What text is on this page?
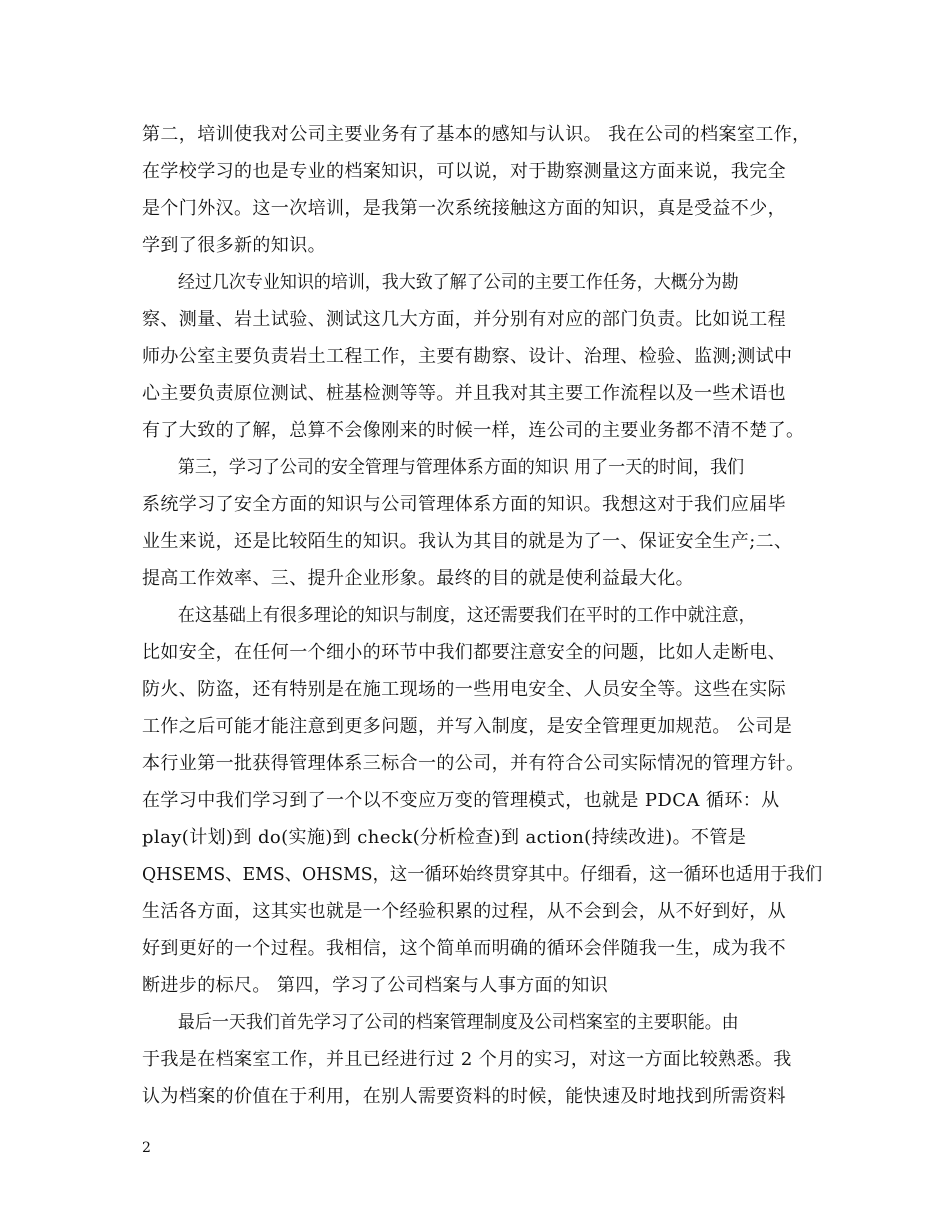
第二，培训使我对公司主要业务有了基本的感知与认识。 我在公司的档案室工作，
在学校学习的也是专业的档案知识，可以说，对于勘察测量这方面来说，我完全
是个门外汉。这一次培训，是我第一次系统接触这方面的知识，真是受益不少，
学到了很多新的知识。
经过几次专业知识的培训，我大致了解了公司的主要工作任务，大概分为勘
察、测量、岩土试验、测试这几大方面，并分别有对应的部门负责。比如说工程
师办公室主要负责岩土工程工作，主要有勘察、设计、治理、检验、监测;测试中
心主要负责原位测试、桩基检测等等。并且我对其主要工作流程以及一些术语也
有了大致的了解，总算不会像刚来的时候一样，连公司的主要业务都不清不楚了。
第三，学习了公司的安全管理与管理体系方面的知识 用了一天的时间，我们
系统学习了安全方面的知识与公司管理体系方面的知识。我想这对于我们应届毕
业生来说，还是比较陌生的知识。我认为其目的就是为了一、保证安全生产;二、
提高工作效率、三、提升企业形象。最终的目的就是使利益最大化。
在这基础上有很多理论的知识与制度，这还需要我们在平时的工作中就注意，
比如安全，在任何一个细小的环节中我们都要注意安全的问题，比如人走断电、
防火、防盗，还有特别是在施工现场的一些用电安全、人员安全等。这些在实际
工作之后可能才能注意到更多问题，并写入制度，是安全管理更加规范。 公司是
本行业第一批获得管理体系三标合一的公司，并有符合公司实际情况的管理方针。
在学习中我们学习到了一个以不变应万变的管理模式，也就是 PDCA 循环：从
play(计划)到 do(实施)到 check(分析检查)到 action(持续改进)。不管是
QHSEMS、EMS、OHSMS，这一循环始终贯穿其中。仔细看，这一循环也适用于我们
生活各方面，这其实也就是一个经验积累的过程，从不会到会，从不好到好，从
好到更好的一个过程。我相信，这个简单而明确的循环会伴随我一生，成为我不
断进步的标尺。 第四，学习了公司档案与人事方面的知识
最后一天我们首先学习了公司的档案管理制度及公司档案室的主要职能。由
于我是在档案室工作，并且已经进行过 2 个月的实习，对这一方面比较熟悉。我
认为档案的价值在于利用，在别人需要资料的时候，能快速及时地找到所需资料
2
